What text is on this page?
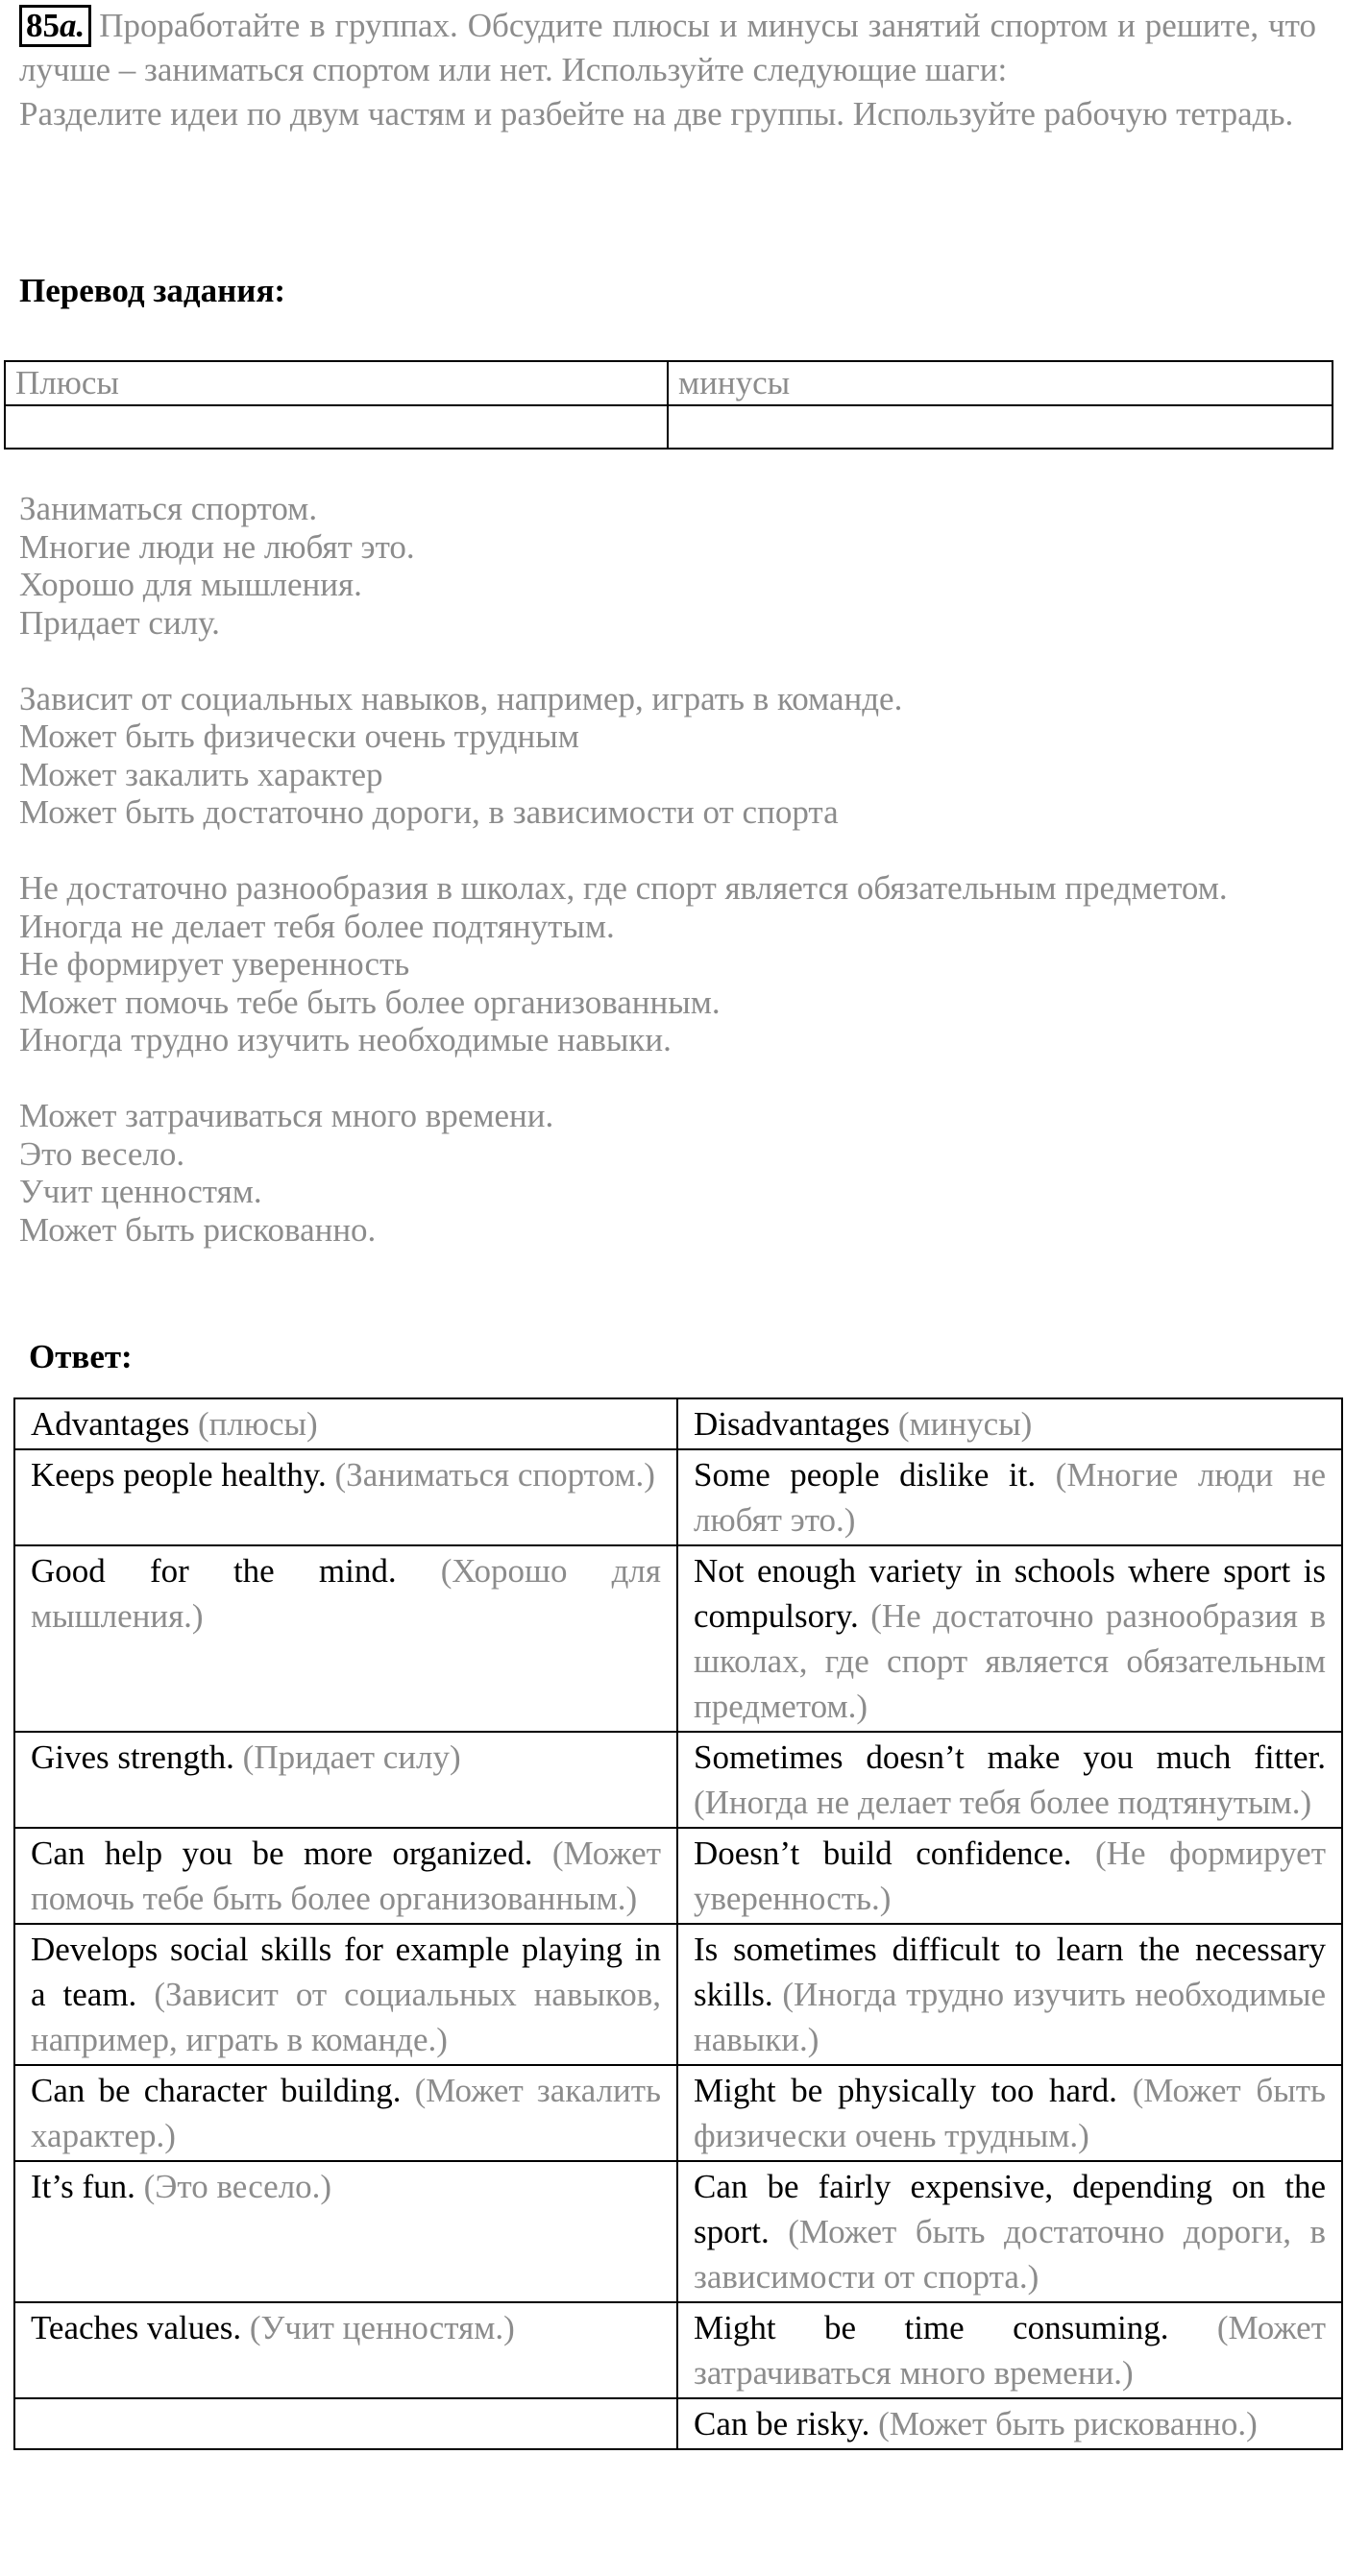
85a. Проработайте в группах. Обсудите плюсы и минусы занятий спортом и решите, что лучше – заниматься спортом или нет. Используйте следующие шаги:
Разделите идеи по двум частям и разбейте на две группы. Используйте рабочую тетрадь.
Перевод задания:
Плюсы	минусы

Заниматься спортом.
Многие люди не любят это.
Хорошо для мышления.
Придает силу.
Зависит от социальных навыков, например, играть в команде.
Может быть физически очень трудным
Может закалить характер
Может быть достаточно дороги, в зависимости от спорта
Не достаточно разнообразия в школах, где спорт является обязательным предметом.
Иногда не делает тебя более подтянутым.
Не формирует уверенность
Может помочь тебе быть более организованным.
Иногда трудно изучить необходимые навыки.
Может затрачиваться много времени.
Это весело.
Учит ценностям.
Может быть рискованно.
Ответ:
Advantages (плюсы)	Disadvantages (минусы)
Keeps people healthy. (Заниматься спортом.)	Some people dislike it. (Многие люди не любят это.)
Good for the mind. (Хорошо для мышления.)	Not enough variety in schools where sport is compulsory. (Не достаточно разнообразия в школах, где спорт является обязательным предметом.)
Gives strength. (Придает силу)	Sometimes doesn’t make you much fitter. (Иногда не делает тебя более подтянутым.)
Can help you be more organized. (Может помочь тебе быть более организованным.)	Doesn’t build confidence. (Не формирует уверенность.)
Develops social skills for example playing in a team. (Зависит от социальных навыков, например, играть в команде.)	Is sometimes difficult to learn the necessary skills. (Иногда трудно изучить необходимые навыки.)
Can be character building. (Может закалить характер.)	Might be physically too hard. (Может быть физически очень трудным.)
It’s fun. (Это весело.)	Can be fairly expensive, depending on the sport. (Может быть достаточно дороги, в зависимости от спорта.)
Teaches values. (Учит ценностям.)	Might be time consuming. (Может затрачиваться много времени.)
	Can be risky. (Может быть рискованно.)
